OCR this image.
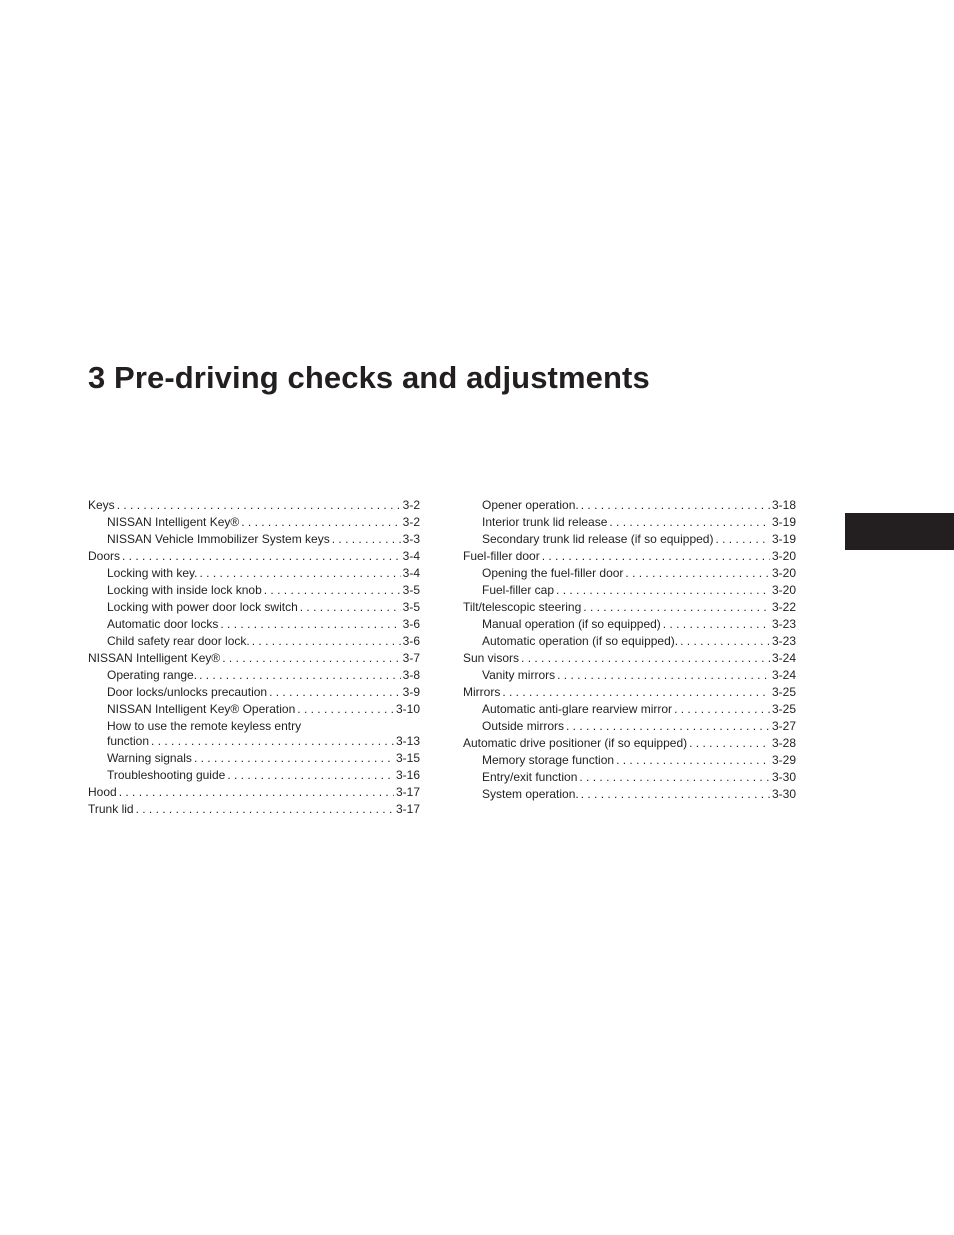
3 Pre-driving checks and adjustments
Keys . . .	3-2
NISSAN Intelligent Key® . . .	3-2
NISSAN Vehicle Immobilizer System keys . . .	3-3
Doors . . .	3-4
Locking with key. . . .	3-4
Locking with inside lock knob . . .	3-5
Locking with power door lock switch . . .	3-5
Automatic door locks . . .	3-6
Child safety rear door lock. . . .	3-6
NISSAN Intelligent Key® . . .	3-7
Operating range. . . .	3-8
Door locks/unlocks precaution . . .	3-9
NISSAN Intelligent Key® Operation . . .	3-10
How to use the remote keyless entry
function . . .	3-13
Warning signals . . .	3-15
Troubleshooting guide . . .	3-16
Hood . . .	3-17
Trunk lid . . .	3-17
Opener operation. . . .	3-18
Interior trunk lid release . . .	3-19
Secondary trunk lid release (if so equipped) . . .	3-19
Fuel-filler door . . .	3-20
Opening the fuel-filler door . . .	3-20
Fuel-filler cap . . .	3-20
Tilt/telescopic steering . . .	3-22
Manual operation (if so equipped) . . .	3-23
Automatic operation (if so equipped). . . .	3-23
Sun visors . . .	3-24
Vanity mirrors . . .	3-24
Mirrors . . .	3-25
Automatic anti-glare rearview mirror . . .	3-25
Outside mirrors . . .	3-27
Automatic drive positioner (if so equipped) . . .	3-28
Memory storage function . . .	3-29
Entry/exit function . . .	3-30
System operation. . . .	3-30
